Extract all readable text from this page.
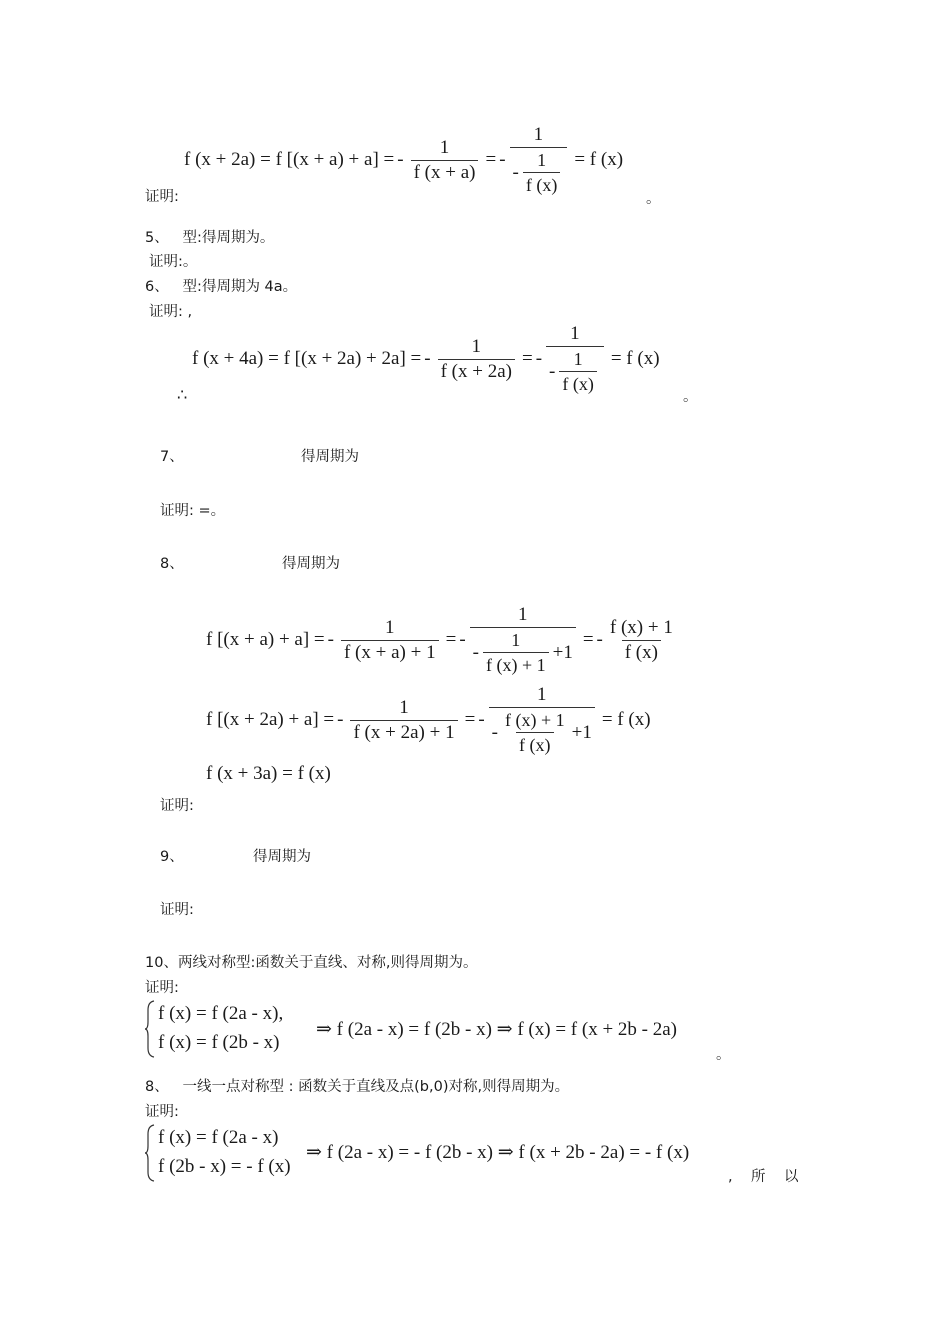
f (x + 2a) = f [(x + a) + a] = - $\frac{1}{f (x + a)}$ = - $\frac{1}{- \frac{1}{f (x)}} = f$ (x)
证明:	。
5、   型:得周期为。
证明:。
6、   型:得周期为 4a。
证明: ,
f (x + 4a) = f [(x + 2a) + 2a] = - $\frac{1}{f (x + 2a)}$ = - $\frac{1}{- \frac{1}{f (x)}} = f$ (x)
∴	。
7、	得周期为
证明: =。
8、	得周期为
f [(x + a) + a] = - $\frac{1}{f (x + a) + 1}$ = - $\frac{1}{- \frac{1}{f (x) + 1} +1}$ = - $\frac{f (x) + 1}{f (x)}$
f [(x + 2a) + a] = - $\frac{1}{f (x + 2a) + 1}$ = - $\frac{1}{- \frac{f (x) + 1}{f (x)} +1} = f$ (x)
f (x + 3a) = f (x)
证明:
9、	得周期为
证明:
10、两线对称型:函数关于直线、对称,则得周期为。
证明:
f (x) = f (2a - x),
f (x) = f (2b - x)
⇒ f (2a - x) = f (2b - x) ⇒ f (x) = f (x + 2b - 2a)
。
8、   一线一点对称型 : 函数关于直线及点(b,0)对称,则得周期为。
证明:
f (x) = f (2a - x)
f (2b - x) = - f (x)
⇒ f (2a - x) = - f (2b - x) ⇒ f (x + 2b - 2a) = - f (x)
,    所    以
